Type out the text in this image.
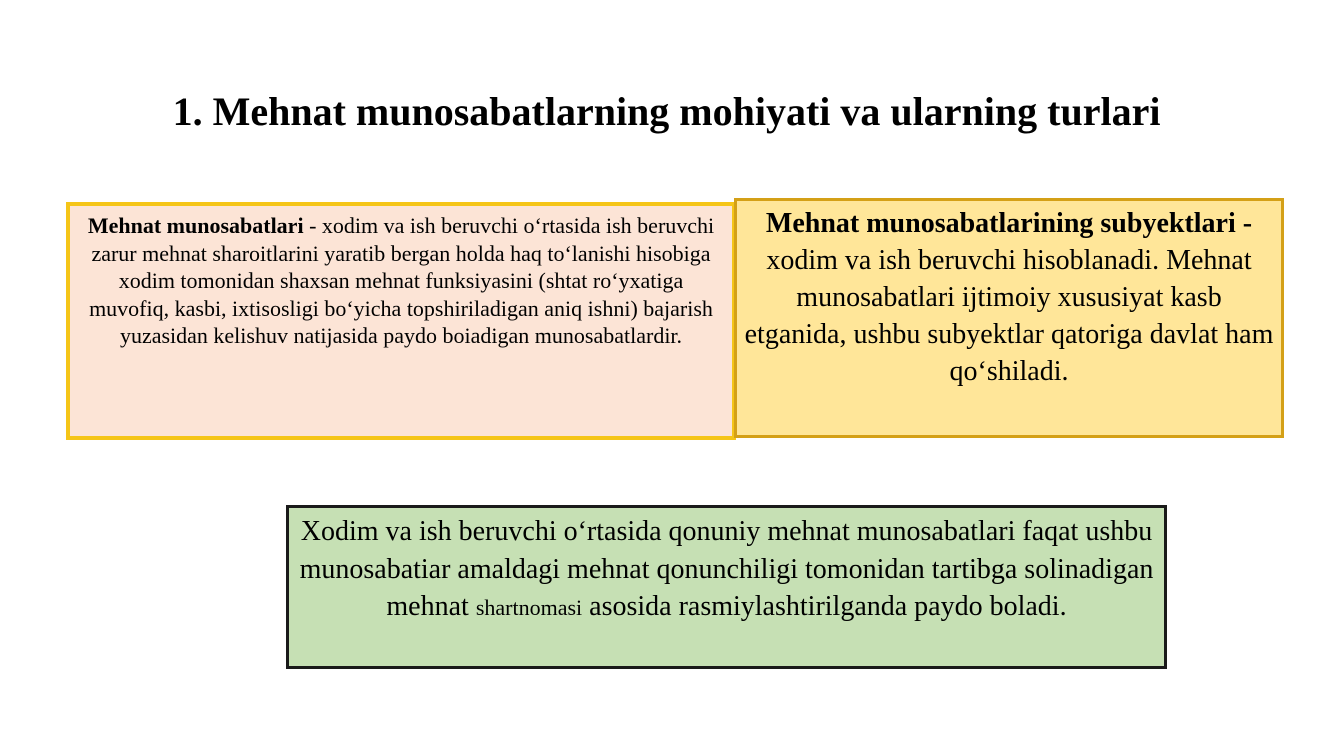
1. Mehnat munosabatlarning mohiyati va ularning turlari
Mehnat munosabatlari - xodim va ish beruvchi o‘rtasida ish beruvchi zarur mehnat sharoitlarini yaratib bergan holda haq to‘lanishi hisobiga xodim tomonidan shaxsan mehnat funksiyasini (shtat ro‘yxatiga muvofiq, kasbi, ixtisosligi bo‘yicha topshiriladigan aniq ishni) bajarish yuzasidan kelishuv natijasida paydo boiadigan munosabatlardir.
Mehnat munosabatlarining subyektlari - xodim va ish beruvchi hisoblanadi. Mehnat munosabatlari ijtimoiy xususiyat kasb etganida, ushbu subyektlar qatoriga davlat ham qo‘shiladi.
Xodim va ish beruvchi o‘rtasida qonuniy mehnat munosabatlari faqat ushbu munosabatiar amaldagi mehnat qonunchiligi tomonidan tartibga solinadigan mehnat shartnomasi asosida rasmiylashtirilganda paydo boladi.
